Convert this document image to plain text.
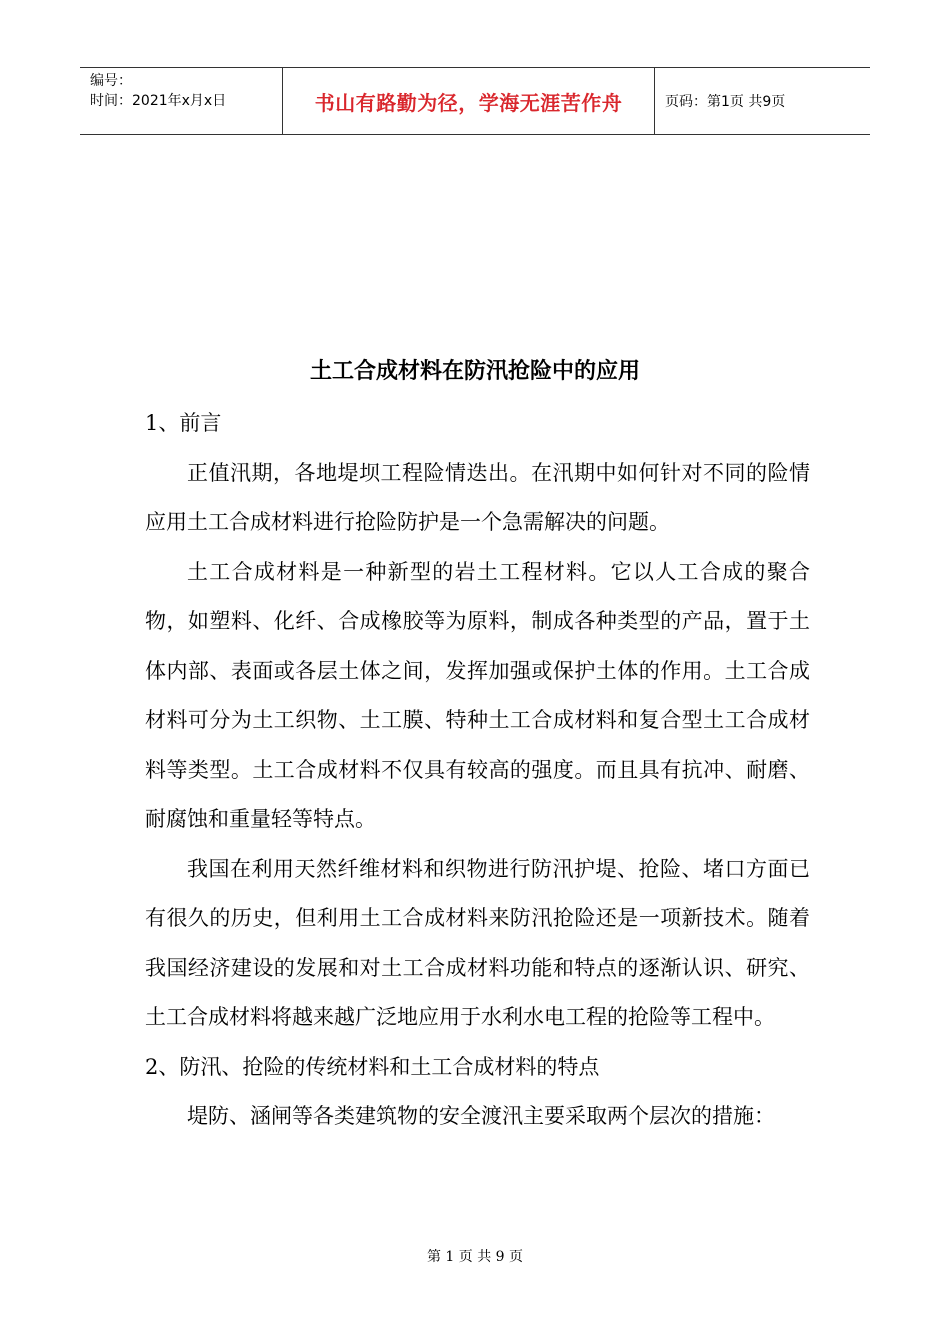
编号：
时间：2021年x月x日	书山有路勤为径，学海无涯苦作舟	页码：第1页 共9页
土工合成材料在防汛抢险中的应用

1、前言

正值汛期，各地堤坝工程险情迭出。在汛期中如何针对不同的险情应用土工合成材料进行抢险防护是一个急需解决的问题。

土工合成材料是一种新型的岩土工程材料。它以人工合成的聚合物，如塑料、化纤、合成橡胶等为原料，制成各种类型的产品，置于土体内部、表面或各层土体之间，发挥加强或保护土体的作用。土工合成材料可分为土工织物、土工膜、特种土工合成材料和复合型土工合成材料等类型。土工合成材料不仅具有较高的强度。而且具有抗冲、耐磨、耐腐蚀和重量轻等特点。

我国在利用天然纤维材料和织物进行防汛护堤、抢险、堵口方面已有很久的历史，但利用土工合成材料来防汛抢险还是一项新技术。随着我国经济建设的发展和对土工合成材料功能和特点的逐渐认识、研究、土工合成材料将越来越广泛地应用于水利水电工程的抢险等工程中。

2、防汛、抢险的传统材料和土工合成材料的特点

堤防、涵闸等各类建筑物的安全渡汛主要采取两个层次的措施：

第 1 页 共 9 页
